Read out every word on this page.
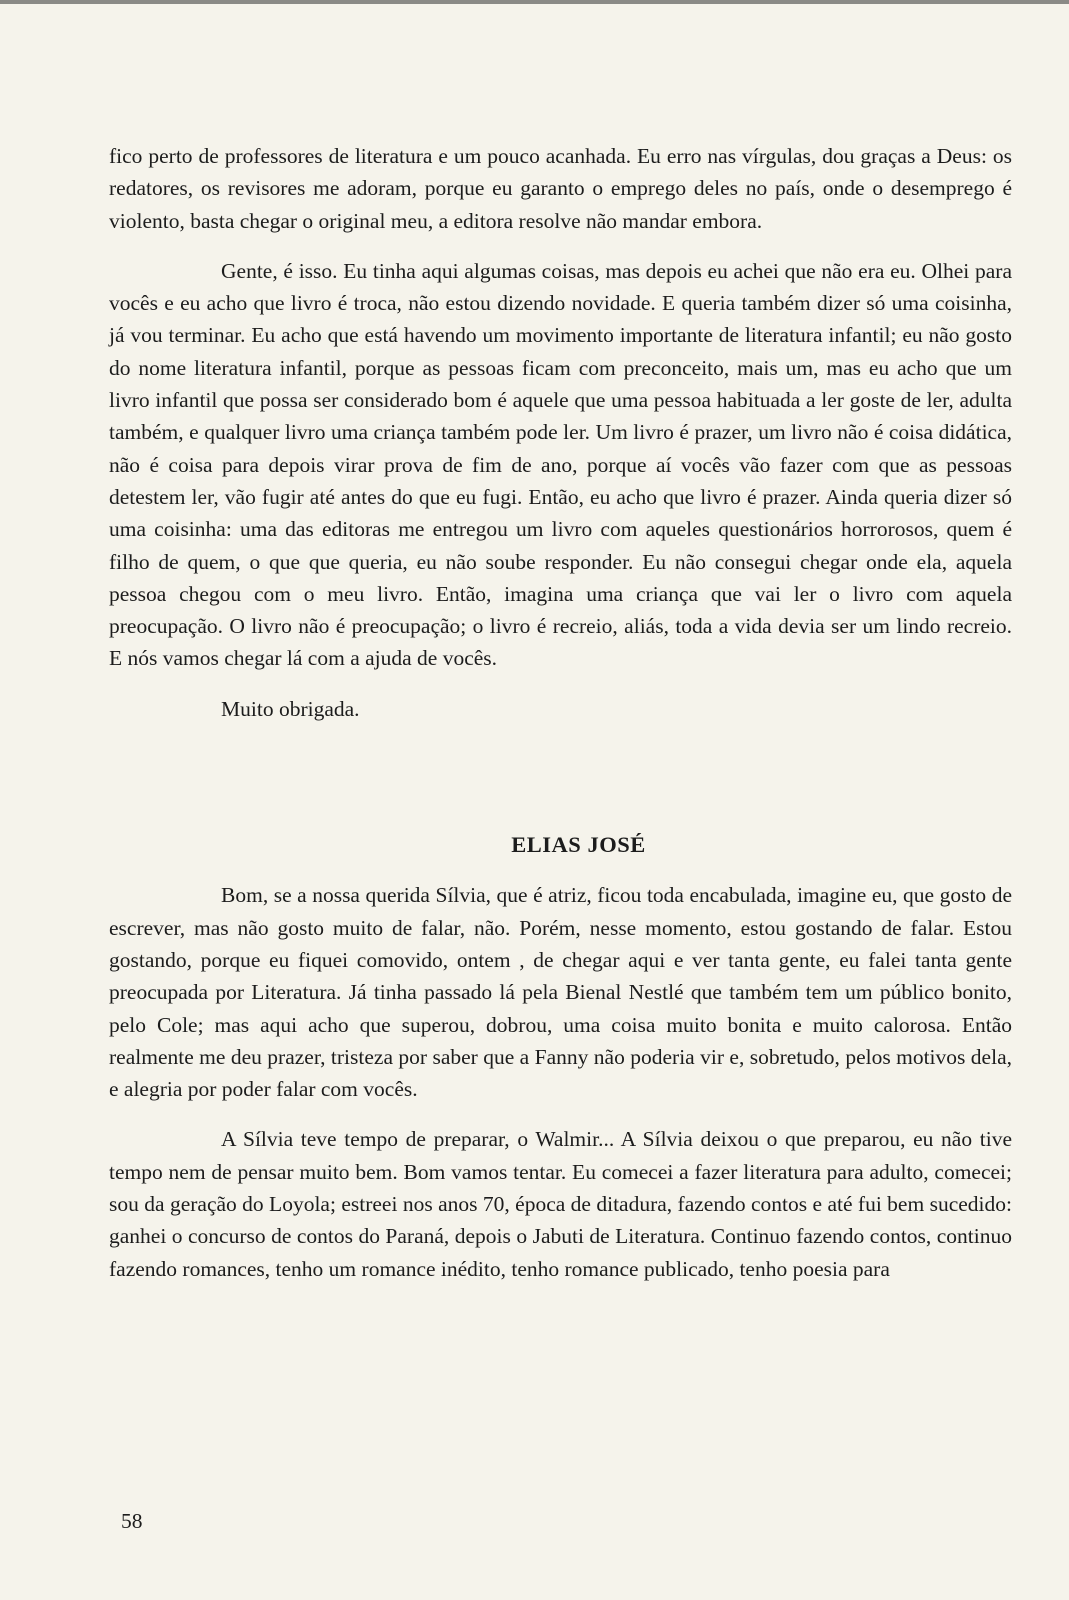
fico perto de professores de literatura e um pouco acanhada. Eu erro nas vírgulas, dou graças a Deus: os redatores, os revisores me adoram, porque eu garanto o emprego deles no país, onde o desemprego é violento, basta chegar o original meu, a editora resolve não mandar embora.

Gente, é isso. Eu tinha aqui algumas coisas, mas depois eu achei que não era eu. Olhei para vocês e eu acho que livro é troca, não estou dizendo novidade. E queria também dizer só uma coisinha, já vou terminar. Eu acho que está havendo um movimento importante de literatura infantil; eu não gosto do nome literatura infantil, porque as pessoas ficam com preconceito, mais um, mas eu acho que um livro infantil que possa ser considerado bom é aquele que uma pessoa habituada a ler goste de ler, adulta também, e qualquer livro uma criança também pode ler. Um livro é prazer, um livro não é coisa didática, não é coisa para depois virar prova de fim de ano, porque aí vocês vão fazer com que as pessoas detestem ler, vão fugir até antes do que eu fugi. Então, eu acho que livro é prazer. Ainda queria dizer só uma coisinha: uma das editoras me entregou um livro com aqueles questionários horrorosos, quem é filho de quem, o que que queria, eu não soube responder. Eu não consegui chegar onde ela, aquela pessoa chegou com o meu livro. Então, imagina uma criança que vai ler o livro com aquela preocupação. O livro não é preocupação; o livro é recreio, aliás, toda a vida devia ser um lindo recreio. E nós vamos chegar lá com a ajuda de vocês.

Muito obrigada.

ELIAS JOSÉ

Bom, se a nossa querida Sílvia, que é atriz, ficou toda encabulada, imagine eu, que gosto de escrever, mas não gosto muito de falar, não. Porém, nesse momento, estou gostando de falar. Estou gostando, porque eu fiquei comovido, ontem , de chegar aqui e ver tanta gente, eu falei tanta gente preocupada por Literatura. Já tinha passado lá pela Bienal Nestlé que também tem um público bonito, pelo Cole; mas aqui acho que superou, dobrou, uma coisa muito bonita e muito calorosa. Então realmente me deu prazer, tristeza por saber que a Fanny não poderia vir e, sobretudo, pelos motivos dela, e alegria por poder falar com vocês.

A Sílvia teve tempo de preparar, o Walmir... A Sílvia deixou o que preparou, eu não tive tempo nem de pensar muito bem. Bom vamos tentar. Eu comecei a fazer literatura para adulto, comecei; sou da geração do Loyola; estreei nos anos 70, época de ditadura, fazendo contos e até fui bem sucedido: ganhei o concurso de contos do Paraná, depois o Jabuti de Literatura. Continuo fazendo contos, continuo fazendo romances, tenho um romance inédito, tenho romance publicado, tenho poesia para

58
